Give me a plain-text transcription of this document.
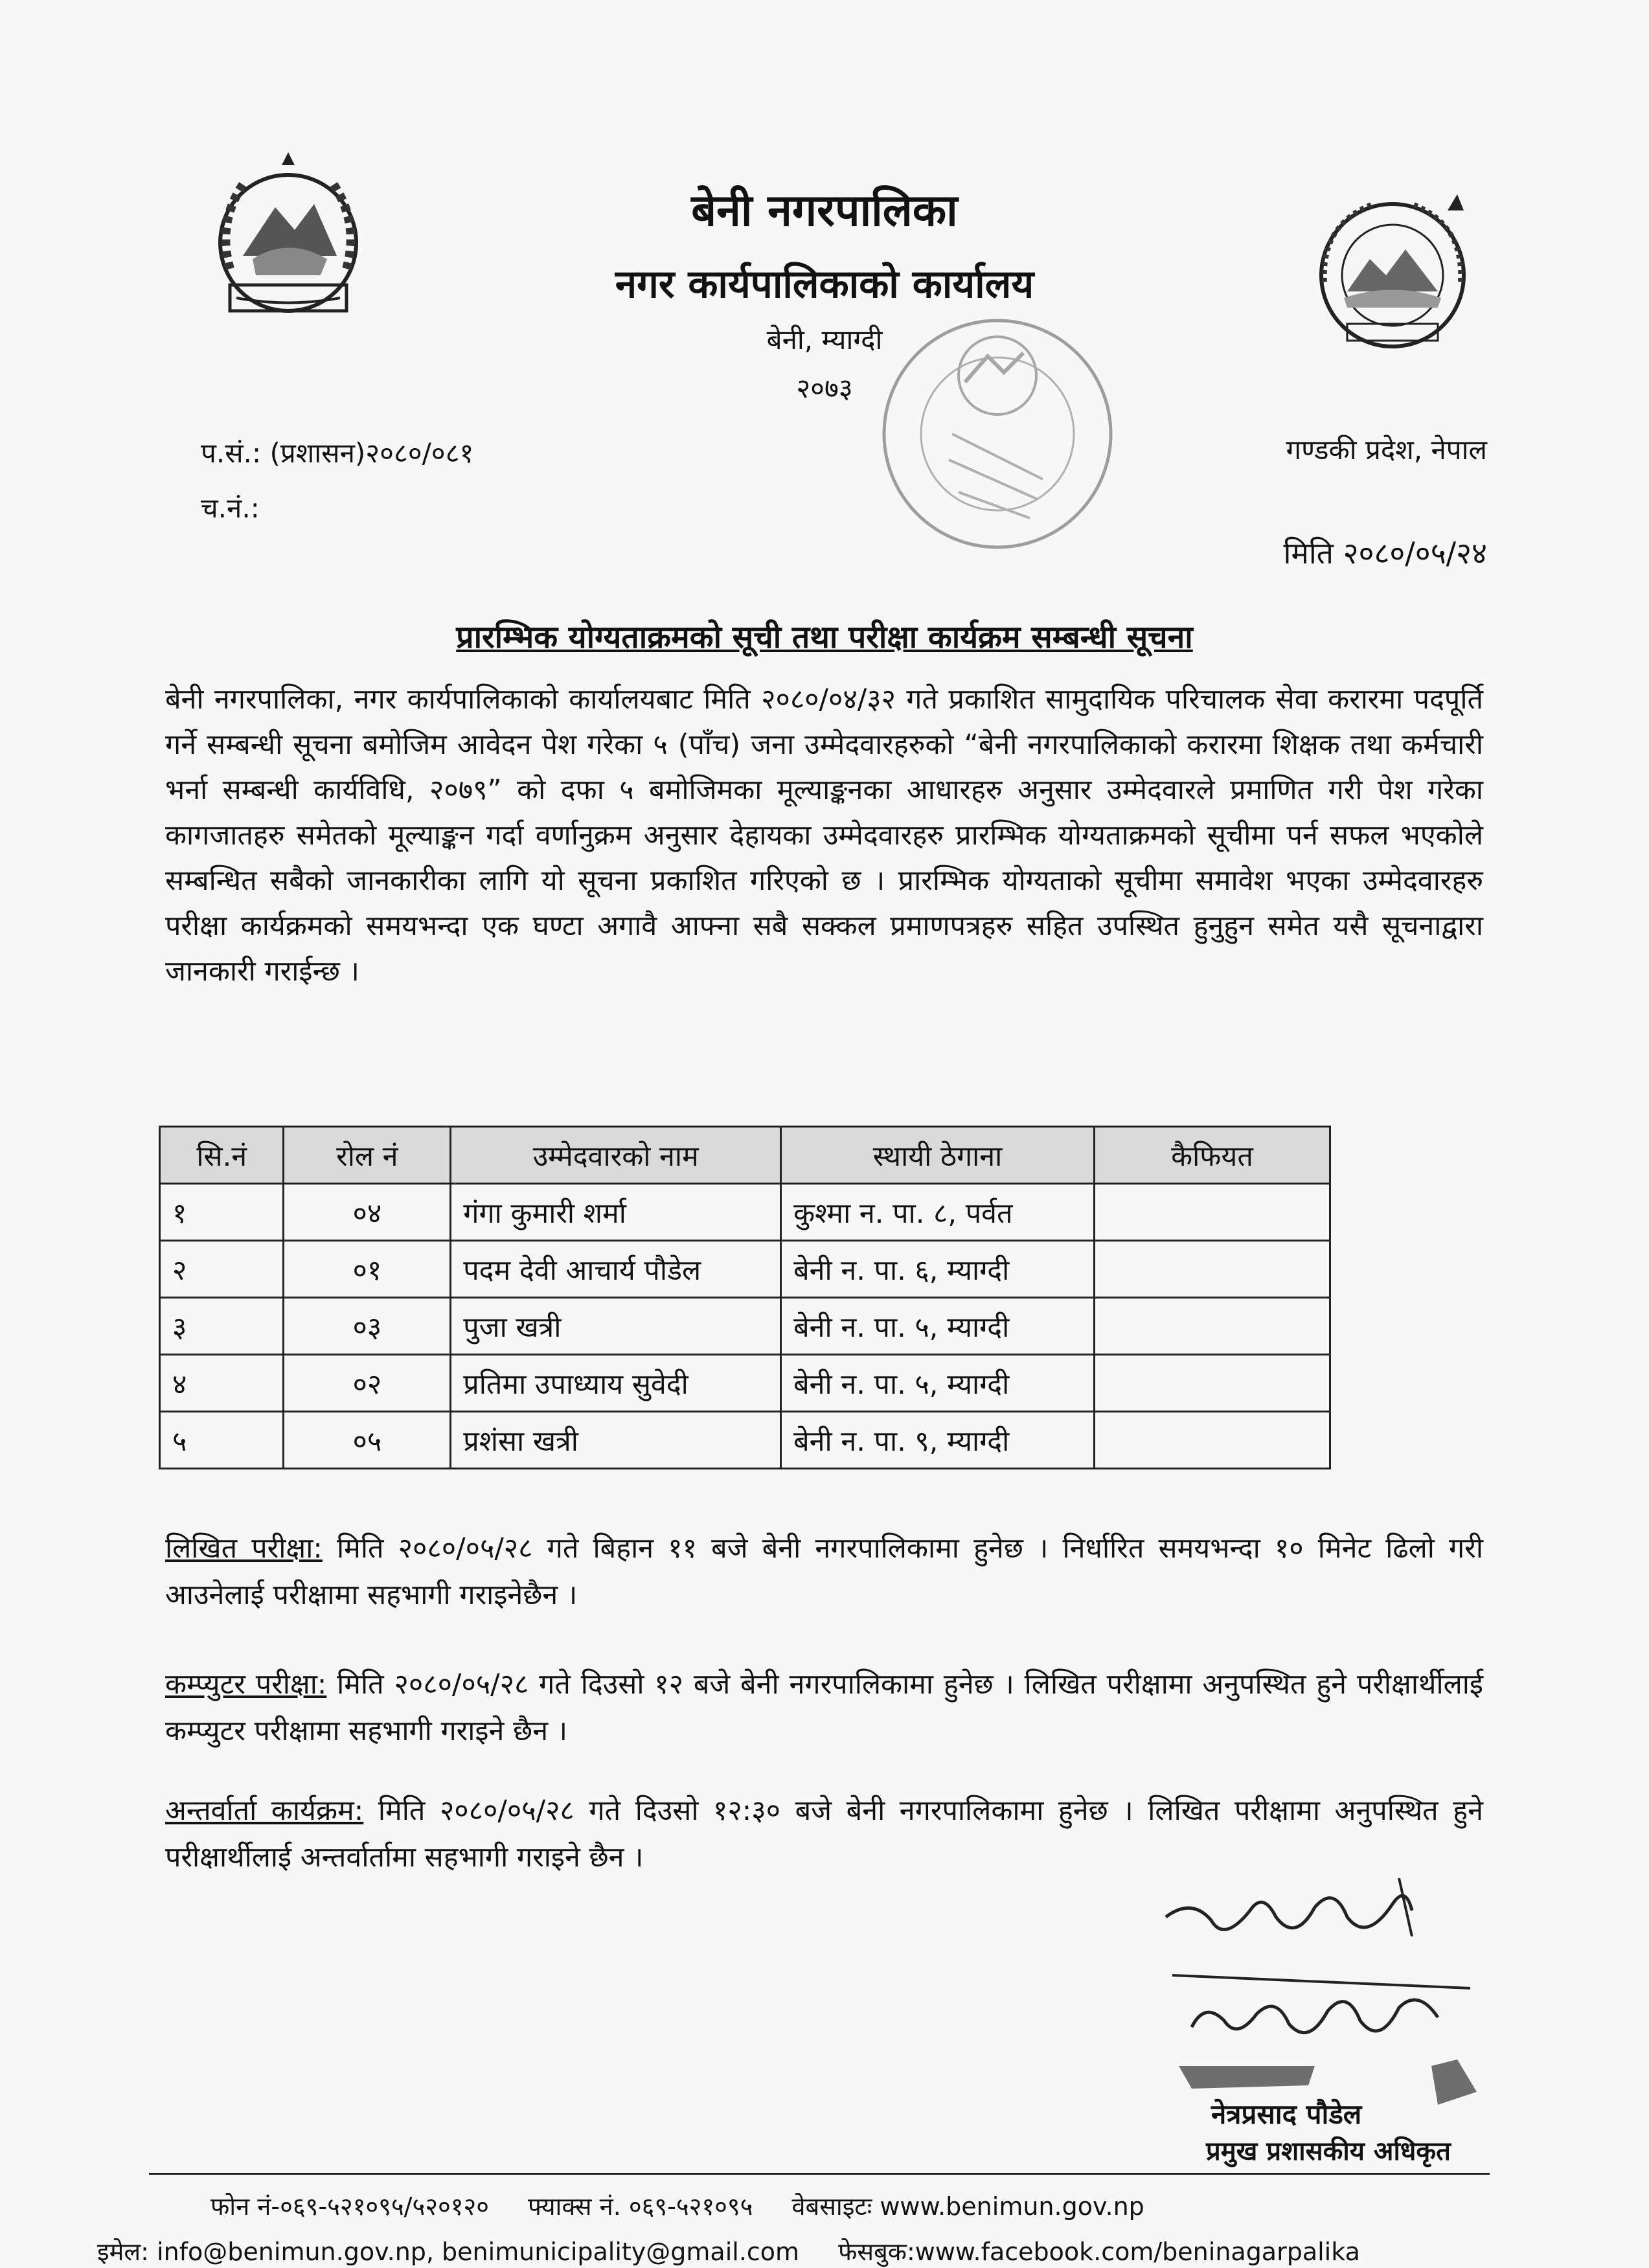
बेनी नगरपालिका
नगर कार्यपालिकाको कार्यालय
बेनी, म्याग्दी
२०७३
प.सं.: (प्रशासन)२०८०/०८१
च.नं.:
गण्डकी प्रदेश, नेपाल
मिति २०८०/०५/२४
प्रारम्भिक योग्यताक्रमको सूची तथा परीक्षा कार्यक्रम सम्बन्धी सूचना
बेनी नगरपालिका, नगर कार्यपालिकाको कार्यालयबाट मिति २०८०/०४/३२ गते प्रकाशित सामुदायिक परिचालक सेवा करारमा पदपूर्ति गर्ने सम्बन्धी सूचना बमोजिम आवेदन पेश गरेका ५ (पाँच) जना उम्मेदवारहरुको “बेनी नगरपालिकाको करारमा शिक्षक तथा कर्मचारी भर्ना सम्बन्धी कार्यविधि, २०७९” को दफा ५ बमोजिमका मूल्याङ्कनका आधारहरु अनुसार उम्मेदवारले प्रमाणित गरी पेश गरेका कागजातहरु समेतको मूल्याङ्कन गर्दा वर्णानुक्रम अनुसार देहायका उम्मेदवारहरु प्रारम्भिक योग्यताक्रमको सूचीमा पर्न सफल भएकोले सम्बन्धित सबैको जानकारीका लागि यो सूचना प्रकाशित गरिएको छ । प्रारम्भिक योग्यताको सूचीमा समावेश भएका उम्मेदवारहरु परीक्षा कार्यक्रमको समयभन्दा एक घण्टा अगावै आफ्ना सबै सक्कल प्रमाणपत्रहरु सहित उपस्थित हुनुहुन समेत यसै सूचनाद्वारा जानकारी गराईन्छ ।
सि.नं	रोल नं	उम्मेदवारको नाम	स्थायी ठेगाना	कैफियत
१	०४	गंगा कुमारी शर्मा	कुश्मा न. पा. ८, पर्वत	
२	०१	पदम देवी आचार्य पौडेल	बेनी न. पा. ६, म्याग्दी	
३	०३	पुजा खत्री	बेनी न. पा. ५, म्याग्दी	
४	०२	प्रतिमा उपाध्याय सुवेदी	बेनी न. पा. ५, म्याग्दी	
५	०५	प्रशंसा खत्री	बेनी न. पा. ९, म्याग्दी	
लिखित परीक्षा: मिति २०८०/०५/२८ गते बिहान ११ बजे बेनी नगरपालिकामा हुनेछ । निर्धारित समयभन्दा १० मिनेट ढिलो गरी आउनेलाई परीक्षामा सहभागी गराइनेछैन ।
कम्प्युटर परीक्षा: मिति २०८०/०५/२८ गते दिउसो १२ बजे बेनी नगरपालिकामा हुनेछ । लिखित परीक्षामा अनुपस्थित हुने परीक्षार्थीलाई कम्प्युटर परीक्षामा सहभागी गराइने छैन ।
अन्तर्वार्ता कार्यक्रम: मिति २०८०/०५/२८ गते दिउसो १२:३० बजे बेनी नगरपालिकामा हुनेछ । लिखित परीक्षामा अनुपस्थित हुने परीक्षार्थीलाई अन्तर्वार्तामा सहभागी गराइने छैन ।
नेत्रप्रसाद पौडेल
प्रमुख प्रशासकीय अधिकृत
फोन नं-०६९-५२१०९५/५२०१२० फ्याक्स नं. ०६९-५२१०९५ वेबसाइटः www.benimun.gov.np
इमेल: info@benimun.gov.np, benimunicipality@gmail.com फेसबुक:www.facebook.com/beninagarpalika
